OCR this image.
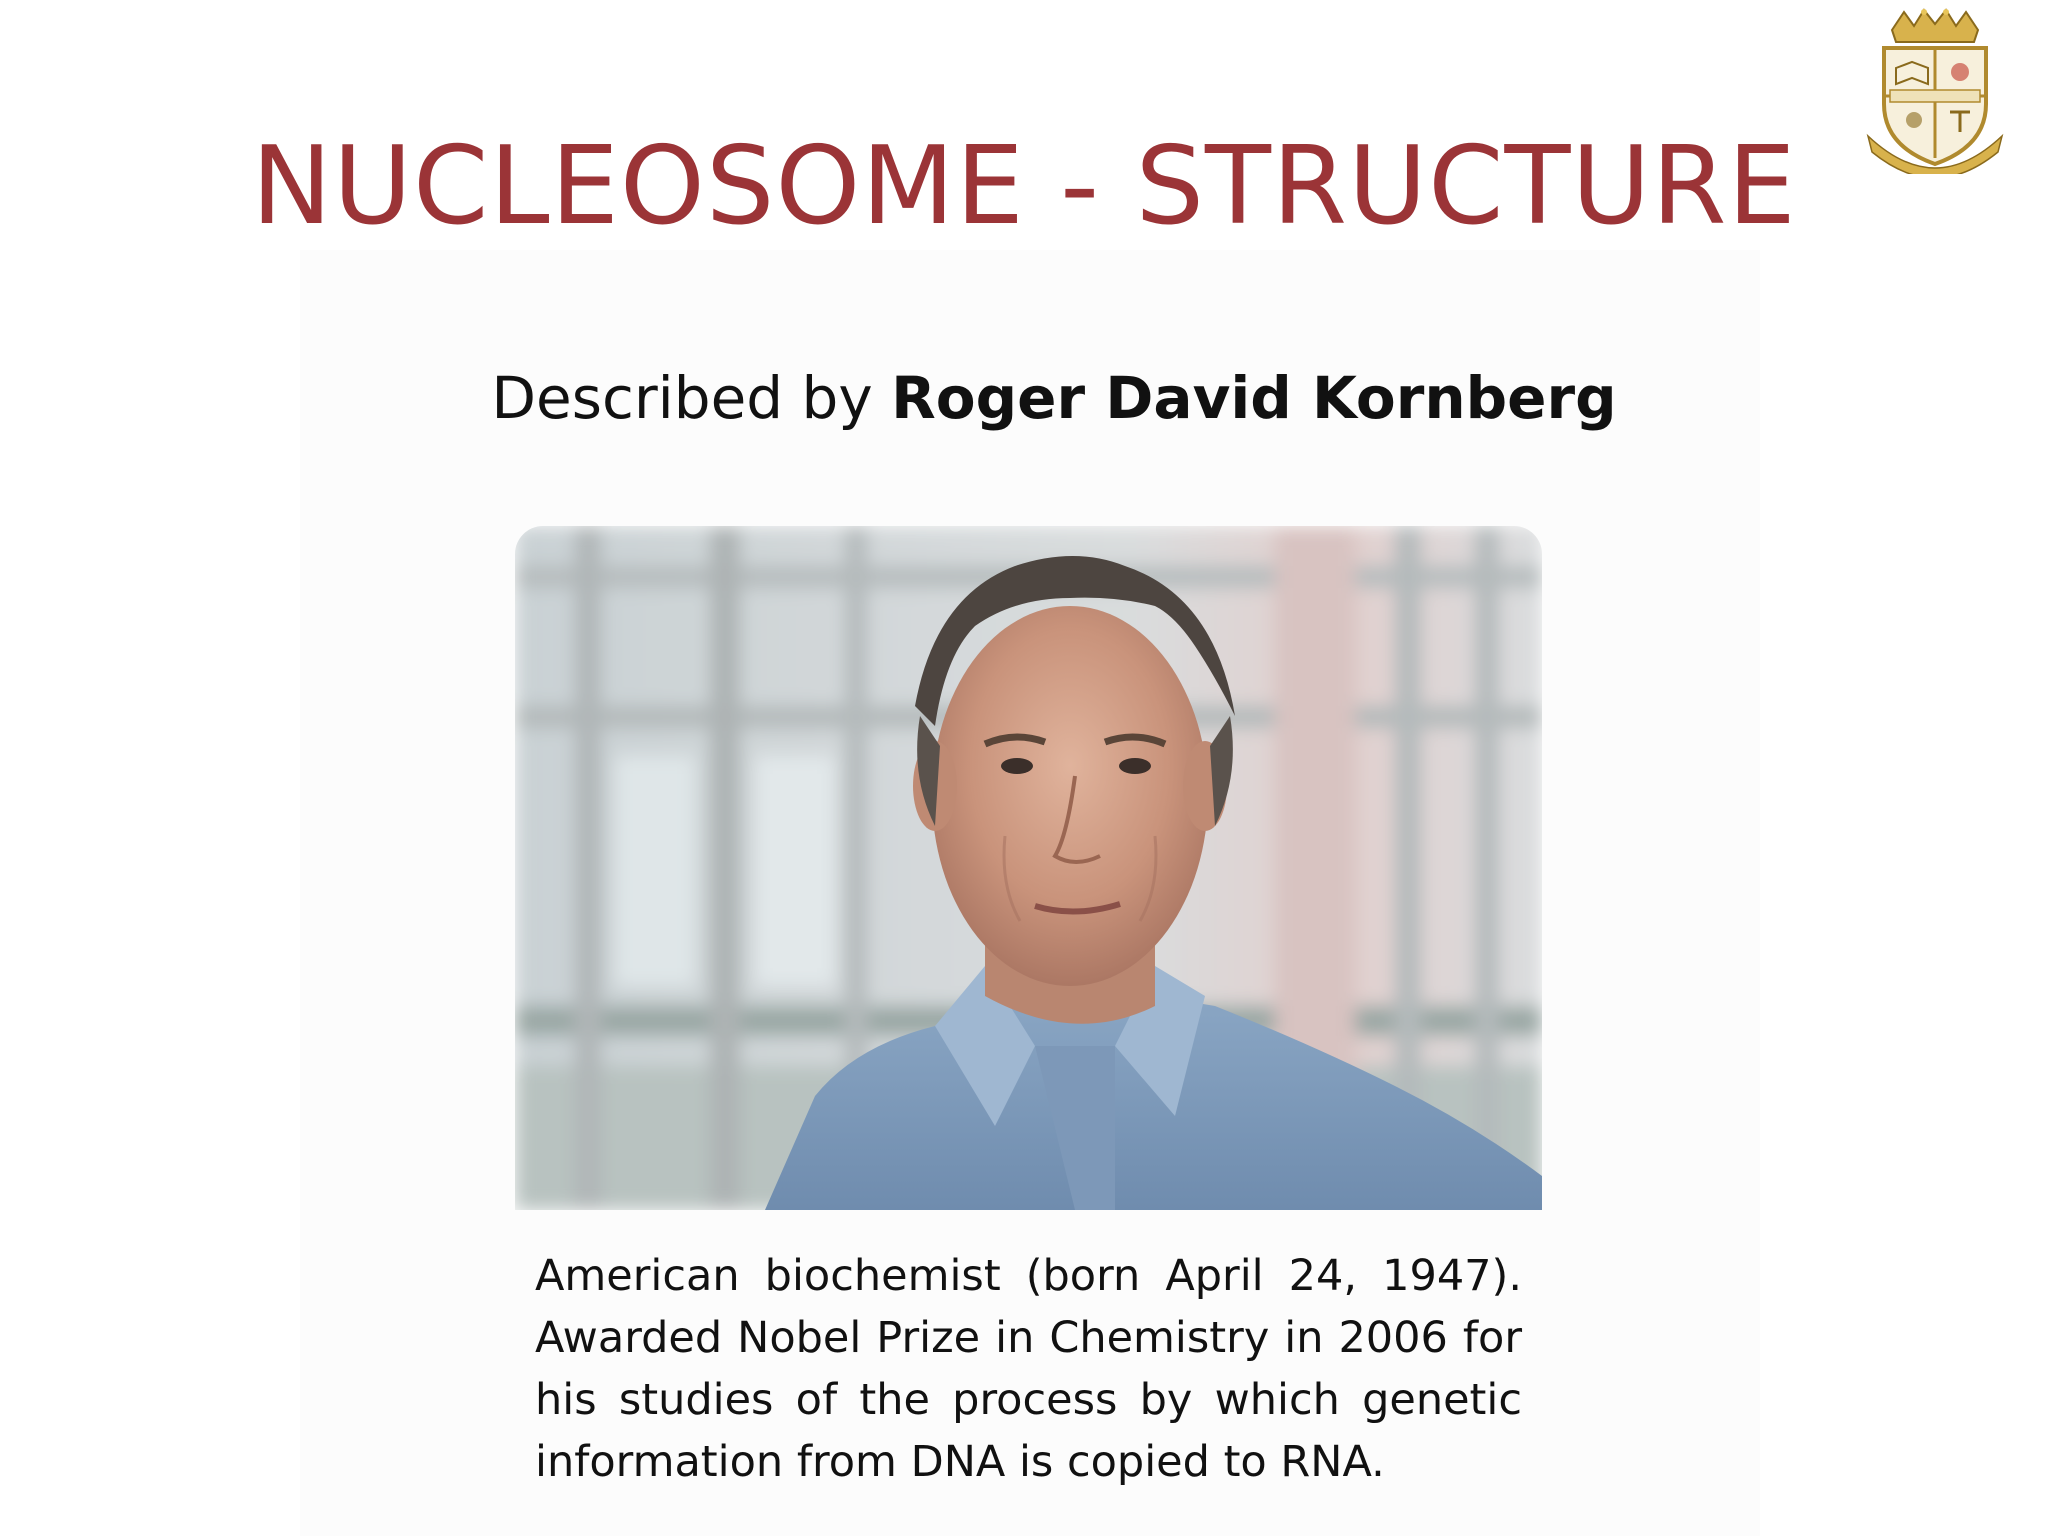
NUCLEOSOME - STRUCTURE
Described by Roger David Kornberg
American biochemist (born April 24, 1947). Awarded Nobel Prize in Chemistry in 2006 for his studies of the process by which genetic information from DNA is copied to RNA.
